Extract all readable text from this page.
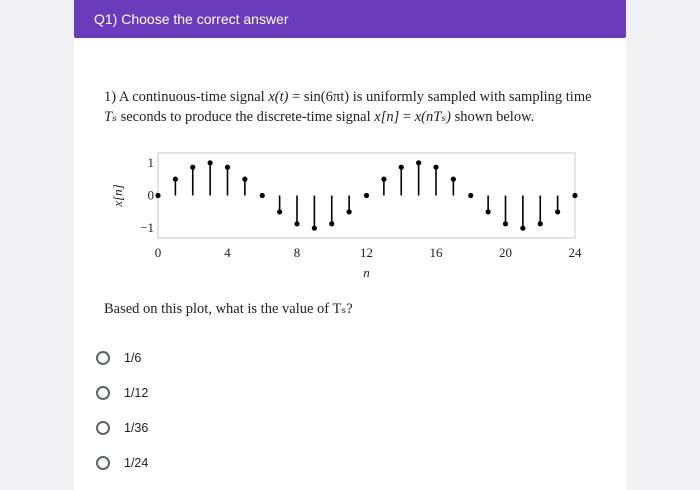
Q1) Choose the correct answer
1) A continuous-time signal x(t) = sin(6πt) is uniformly sampled with sampling time Tₛ seconds to produce the discrete-time signal x[n] = x(nTₛ) shown below.
0	4	8	12	16	20	24
−1
0
1
n
x[n]
Based on this plot, what is the value of Tₛ?
1/6
1/12
1/36
1/24
